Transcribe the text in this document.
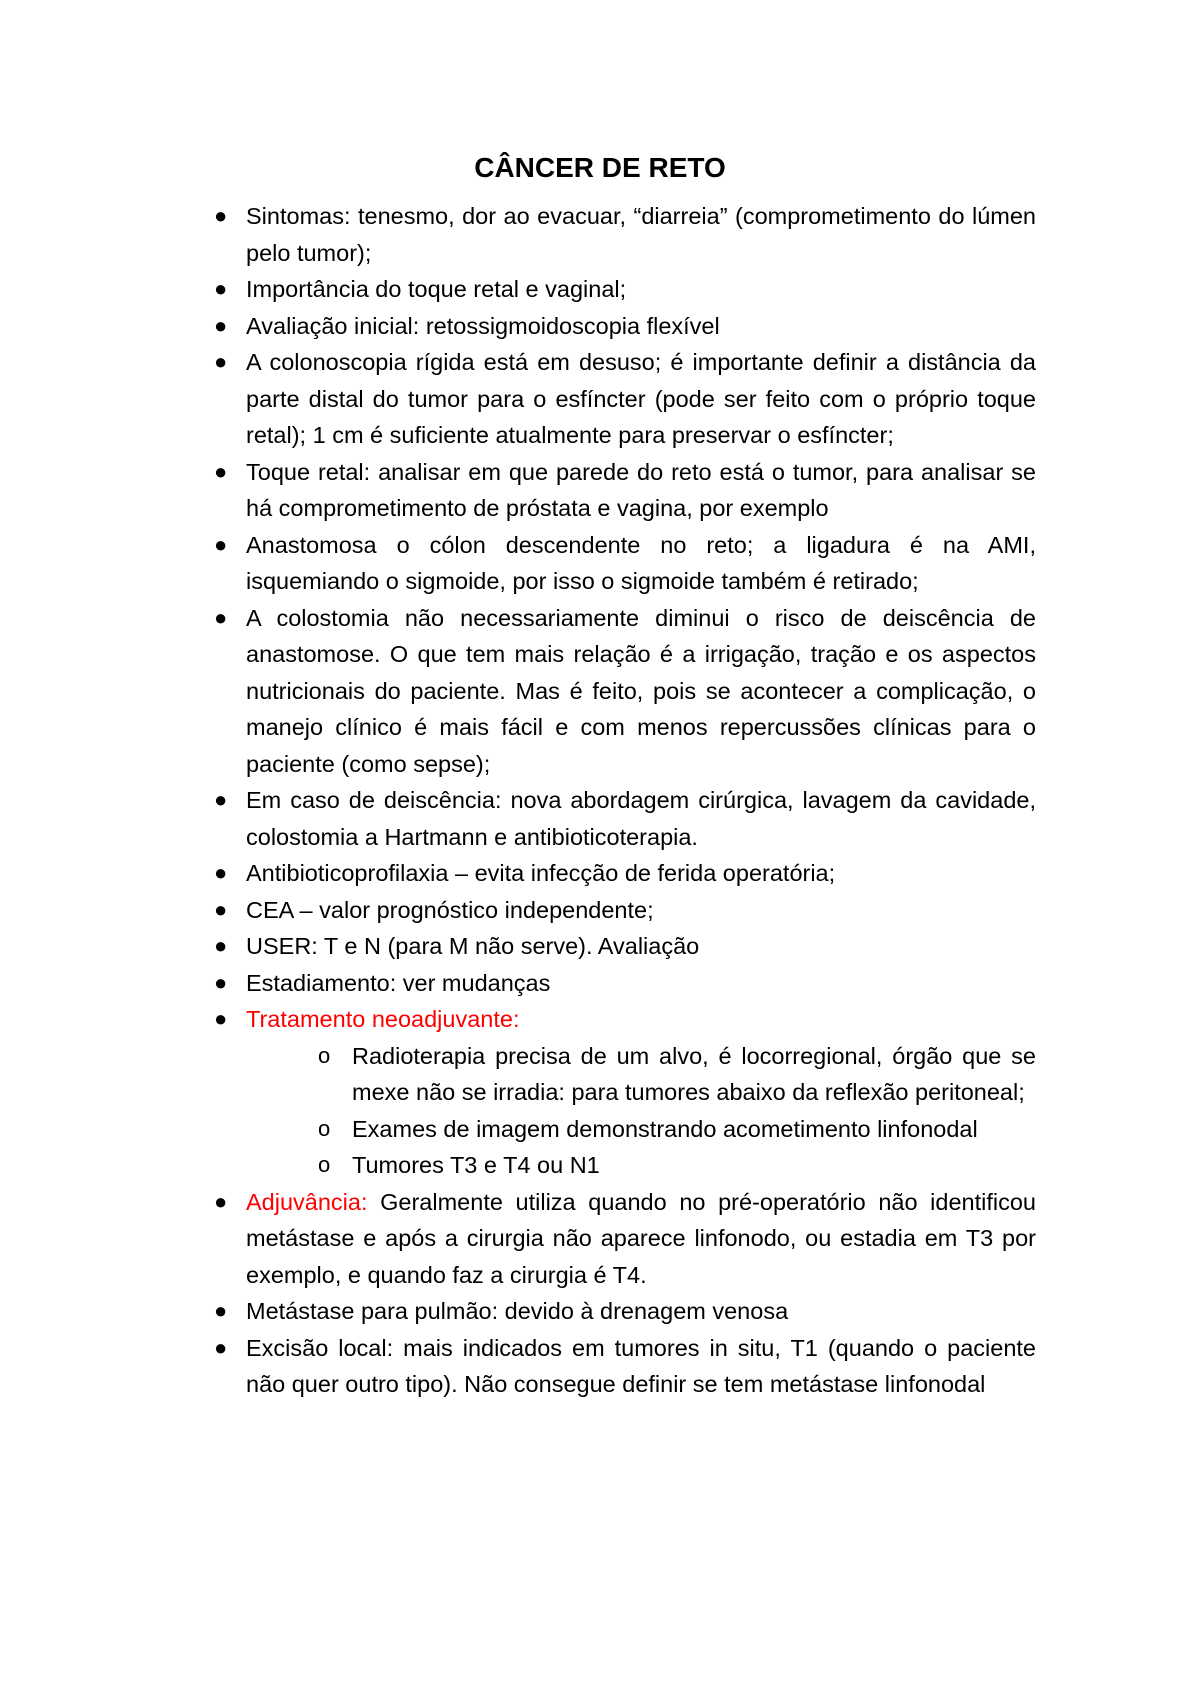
CÂNCER DE RETO
● Sintomas: tenesmo, dor ao evacuar, “diarreia” (comprometimento do lúmen pelo tumor);
● Importância do toque retal e vaginal;
● Avaliação inicial: retossigmoidoscopia flexível
● A colonoscopia rígida está em desuso; é importante definir a distância da parte distal do tumor para o esfíncter (pode ser feito com o próprio toque retal); 1 cm é suficiente atualmente para preservar o esfíncter;
● Toque retal: analisar em que parede do reto está o tumor, para analisar se há comprometimento de próstata e vagina, por exemplo
● Anastomosa o cólon descendente no reto; a ligadura é na AMI, isquemiando o sigmoide, por isso o sigmoide também é retirado;
● A colostomia não necessariamente diminui o risco de deiscência de anastomose. O que tem mais relação é a irrigação, tração e os aspectos nutricionais do paciente. Mas é feito, pois se acontecer a complicação, o manejo clínico é mais fácil e com menos repercussões clínicas para o paciente (como sepse);
● Em caso de deiscência: nova abordagem cirúrgica, lavagem da cavidade, colostomia a Hartmann e antibioticoterapia.
● Antibioticoprofilaxia – evita infecção de ferida operatória;
● CEA – valor prognóstico independente;
● USER: T e N (para M não serve). Avaliação
● Estadiamento: ver mudanças
● Tratamento neoadjuvante:
o Radioterapia precisa de um alvo, é locorregional, órgão que se mexe não se irradia: para tumores abaixo da reflexão peritoneal;
o Exames de imagem demonstrando acometimento linfonodal
o Tumores T3 e T4 ou N1
● Adjuvância: Geralmente utiliza quando no pré-operatório não identificou metástase e após a cirurgia não aparece linfonodo, ou estadia em T3 por exemplo, e quando faz a cirurgia é T4.
● Metástase para pulmão: devido à drenagem venosa
● Excisão local: mais indicados em tumores in situ, T1 (quando o paciente não quer outro tipo). Não consegue definir se tem metástase linfonodal
